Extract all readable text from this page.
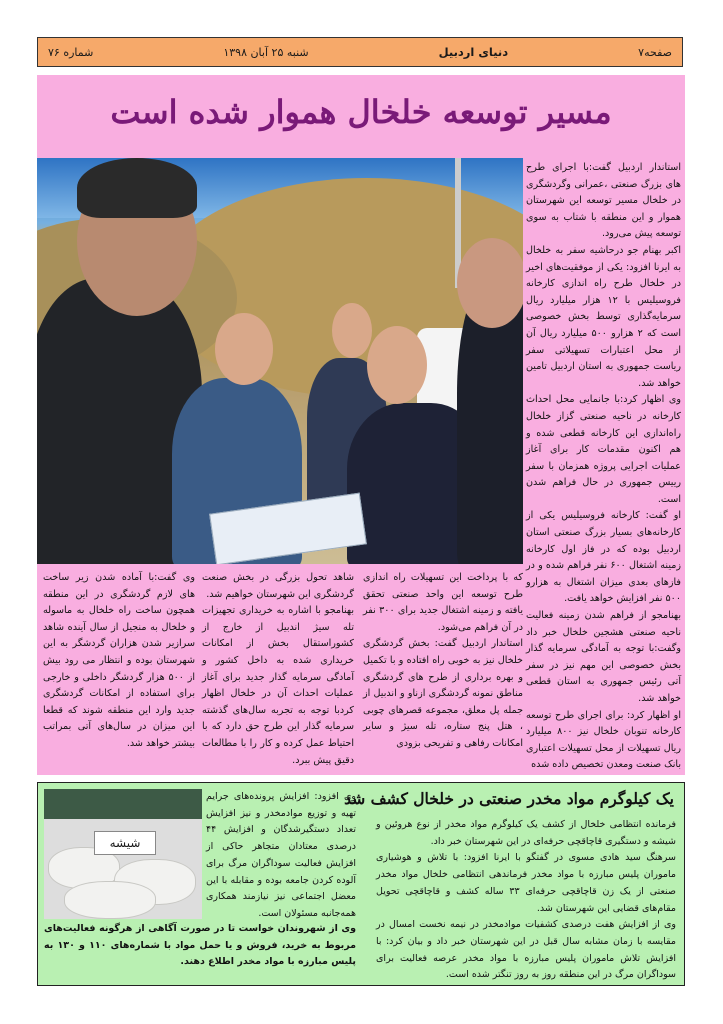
صفحه۷
دنیای اردبیل
شنبه ۲۵ آبان ۱۳۹۸
شماره ۷۶
مسیر توسعه خلخال هموار شده است

استاندار اردبیل گفت:با اجرای طرح های بزرگ صنعتی ،عمرانی وگردشگری در خلخال مسیر توسعه این شهرستان هموار و این منطقه با شتاب به سوی توسعه پیش می‌رود.

اکبر بهنام جو درحاشیه سفر به خلخال به ایرنا افزود: یکی از موفقیت‌های اخیر در خلخال طرح راه اندازی کارخانه فروسیلیس با ۱۲ هزار میلیارد ریال سرمایه‌گذاری توسط بخش خصوصی است که ۲ هزارو ۵۰۰ میلیارد ریال آن از محل اعتبارات تسهیلاتی سفر ریاست جمهوری به استان اردبیل تامین خواهد شد.

وی اظهار کرد:با جانمایی محل احداث کارخانه در ناحیه صنعتی گزاز خلخال راه‌اندازی این کارخانه قطعی شده و هم اکنون مقدمات کار برای آغاز عملیات اجرایی پروژه همزمان با سفر رییس جمهوری در حال فراهم شدن است.

او گفت: کارخانه فروسیلیس یکی از کارخانه‌های بسیار بزرگ صنعتی استان اردبیل بوده که در فاز اول کارخانه زمینه اشتغال ۶۰۰ نفر فراهم شده و در فازهای بعدی میزان اشتغال به هزارو ۵۰۰ نفر افزایش خواهد یافت.

بهنامجو از فراهم شدن زمینه فعالیت ناحیه صنعتی هشجین خلخال خبر داد وگفت:با توجه به آمادگی سرمایه گذار بخش خصوصی این مهم نیز در سفر آتی رئیس جمهوری به استان قطعی خواهد شد.

او اظهار کرد: برای اجرای طرح توسعه کارخانه تنوبان خلخال نیز ۸۰۰ میلیارد ریال تسهیلات از محل تسهیلات اعتباری بانک صنعت ومعدن تخصیص داده شده

که با پرداخت این تسهیلات راه اندازی طرح توسعه این واحد صنعتی تحقق یافته و زمینه اشتغال جدید برای ۳۰۰ نفر در آن فراهم می‌شود.

استاندار اردبیل گفت: بخش گردشگری خلخال نیز به خوبی راه افتاده و با تکمیل و بهره برداری از طرح های گردشگری مناطق نمونه گردشگری ازناو و اندبیل از جمله پل معلق، مجموعه قصرهای چوبی ، هتل پنج ستاره، تله سیژ و سایر امکانات رفاهی و تفریحی بزودی

شاهد تحول بزرگی در بخش صنعت گردشگری این شهرستان خواهیم شد.

بهنامجو با اشاره به خریداری تجهیزات تله سیژ اندبیل از خارج از کشوراستقال بخش از امکانات خریداری شده به داخل کشور و آمادگی سرمایه گذار جدید برای آغاز عملیات احداث آن در خلخال اظهار کردبا توجه به تجربه سال‌های گذشته سرمایه گذار این طرح حق دارد که با احتیاط عمل کرده و کار را با مطالعات دقیق پیش ببرد.

وی گفت:با آماده شدن زیر ساخت های لازم گردشگری در این منطقه همچون ساخت راه خلخال به ماسوله و خلخال به منجیل از سال آینده شاهد سرازیر شدن هزاران گردشگر به این شهرستان بوده و انتظار می رود بیش از ۵۰۰ هزار گردشگر داخلی و خارجی برای استفاده از امکانات گردشگری جدید وارد این منطقه شوند که قطعا این میزان در سال‌های آتی بمراتب بیشتر خواهد شد.

یک کیلوگرم مواد مخدر صنعتی در خلخال کشف شد

فرمانده انتظامی خلخال از کشف یک کیلوگرم مواد مخدر از نوع هروئین و شیشه و دستگیری قاچاقچی حرفه‌ای در این شهرستان خبر داد.

سرهنگ سید هادی مسوی در گفتگو با ایرنا افزود: با تلاش و هوشیاری ماموران پلیس مبارزه با مواد مخدر فرماندهی انتظامی خلخال مواد مخدر صنعتی از یک زن قاچاقچی حرفه‌ای ۳۳ ساله کشف و قاچاقچی تحویل مقام‌های قضایی این شهرستان شد.

وی از افزایش هفت درصدی کشفیات موادمخدر در نیمه نخست امسال در مقایسه با زمان مشابه سال قبل در این شهرستان خبر داد و بیان کرد: با افزایش تلاش ماموران پلیس مبارزه با مواد مخدر عرصه فعالیت برای سوداگران مرگ در این منطقه روز به روز تنگتر شده است.

شیشه

وی افزود: افزایش پرونده‌های جرایم تهیه و توزیع موادمخدر و نیز افزایش تعداد دستگیرشدگان و افزایش ۴۴ درصدی معتادان متجاهر حاکی از افزایش فعالیت سوداگران مرگ برای آلوده کردن جامعه بوده و مقابله با این معضل اجتماعی نیز نیازمند همکاری همه‌جانبه مسئولان است.

وی از شهروندان خواست تا در صورت آگاهی از هرگونه فعالیت‌های مربوط به خرید، فروش و یا حمل مواد با شماره‌های ۱۱۰ و ۱۳۰ به پلیس مبارزه با مواد مخدر اطلاع دهند.
